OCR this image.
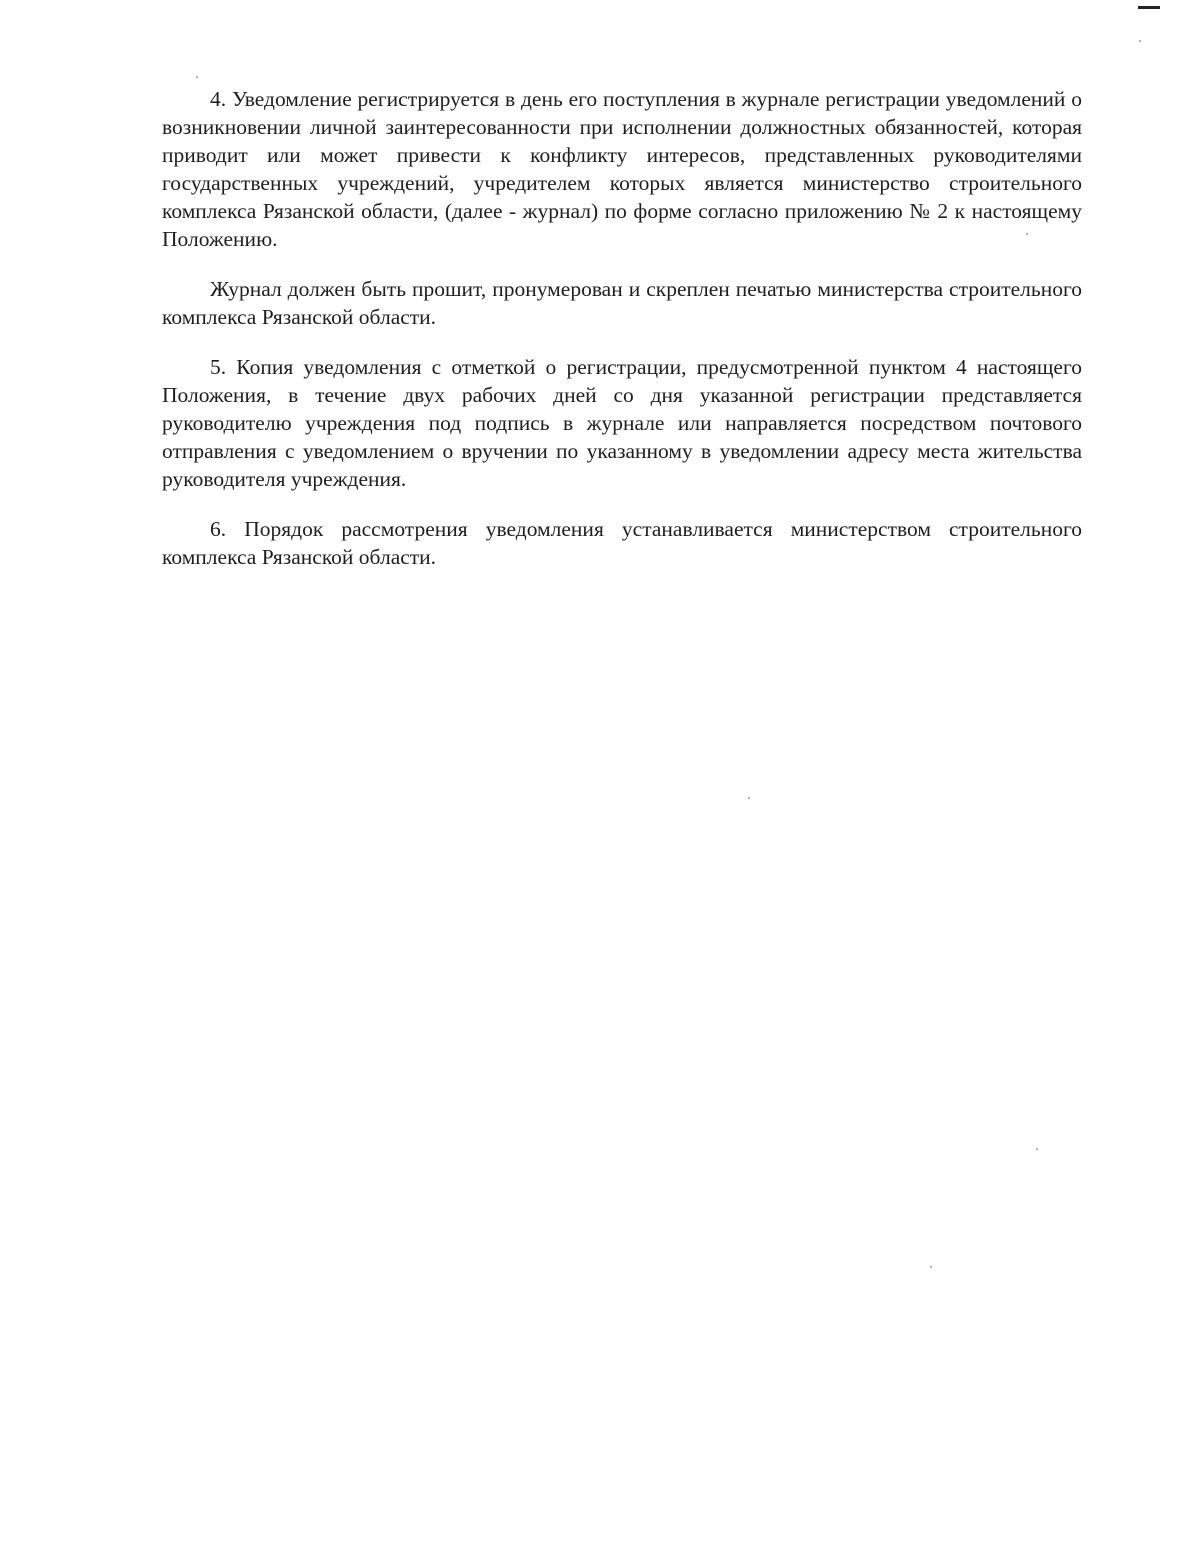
4. Уведомление регистрируется в день его поступления в журнале регистрации уведомлений о возникновении личной заинтересованности при исполнении должностных обязанностей, которая приводит или может привести к конфликту интересов, представленных руководителями государственных учреждений, учредителем которых является министерство строительного комплекса Рязанской области, (далее - журнал) по форме согласно приложению № 2 к настоящему Положению.

Журнал должен быть прошит, пронумерован и скреплен печатью министерства строительного комплекса Рязанской области.

5. Копия уведомления с отметкой о регистрации, предусмотренной пунктом 4 настоящего Положения, в течение двух рабочих дней со дня указанной регистрации представляется руководителю учреждения под подпись в журнале или направляется посредством почтового отправления с уведомлением о вручении по указанному в уведомлении адресу места жительства руководителя учреждения.

6. Порядок рассмотрения уведомления устанавливается министерством строительного комплекса Рязанской области.
